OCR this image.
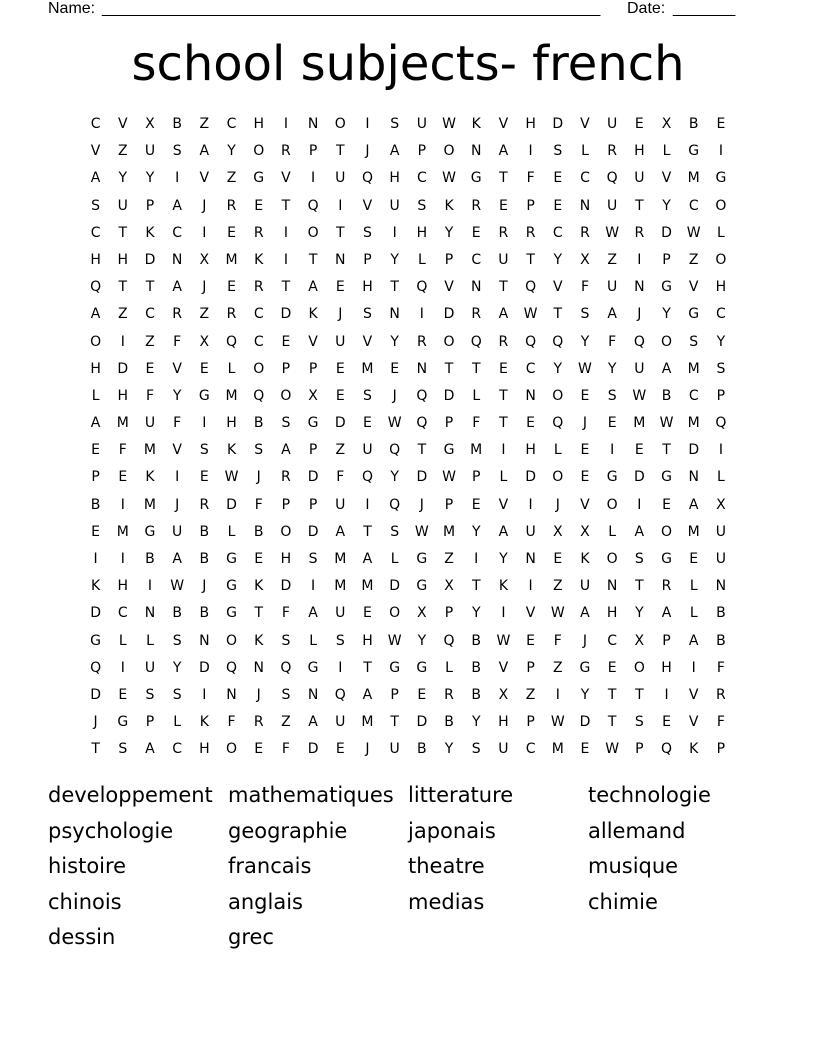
Name: ________________________________________________________ Date: _______
school subjects- french
C	V	X	B	Z	C	H	I	N	O	I	S	U	W	K	V	H	D	V	U	E	X	B	E
V	Z	U	S	A	Y	O	R	P	T	J	A	P	O	N	A	I	S	L	R	H	L	G	I
A	Y	Y	I	V	Z	G	V	I	U	Q	H	C	W	G	T	F	E	C	Q	U	V	M	G
S	U	P	A	J	R	E	T	Q	I	V	U	S	K	R	E	P	E	N	U	T	Y	C	O
C	T	K	C	I	E	R	I	O	T	S	I	H	Y	E	R	R	C	R	W	R	D	W	L
H	H	D	N	X	M	K	I	T	N	P	Y	L	P	C	U	T	Y	X	Z	I	P	Z	O
Q	T	T	A	J	E	R	T	A	E	H	T	Q	V	N	T	Q	V	F	U	N	G	V	H
A	Z	C	R	Z	R	C	D	K	J	S	N	I	D	R	A	W	T	S	A	J	Y	G	C
O	I	Z	F	X	Q	C	E	V	U	V	Y	R	O	Q	R	Q	Q	Y	F	Q	O	S	Y
H	D	E	V	E	L	O	P	P	E	M	E	N	T	T	E	C	Y	W	Y	U	A	M	S
L	H	F	Y	G	M	Q	O	X	E	S	J	Q	D	L	T	N	O	E	S	W	B	C	P
A	M	U	F	I	H	B	S	G	D	E	W	Q	P	F	T	E	Q	J	E	M	W	M	Q
E	F	M	V	S	K	S	A	P	Z	U	Q	T	G	M	I	H	L	E	I	E	T	D	I
P	E	K	I	E	W	J	R	D	F	Q	Y	D	W	P	L	D	O	E	G	D	G	N	L
B	I	M	J	R	D	F	P	P	U	I	Q	J	P	E	V	I	J	V	O	I	E	A	X
E	M	G	U	B	L	B	O	D	A	T	S	W	M	Y	A	U	X	X	L	A	O	M	U
I	I	B	A	B	G	E	H	S	M	A	L	G	Z	I	Y	N	E	K	O	S	G	E	U
K	H	I	W	J	G	K	D	I	M	M	D	G	X	T	K	I	Z	U	N	T	R	L	N
D	C	N	B	B	G	T	F	A	U	E	O	X	P	Y	I	V	W	A	H	Y	A	L	B
G	L	L	S	N	O	K	S	L	S	H	W	Y	Q	B	W	E	F	J	C	X	P	A	B
Q	I	U	Y	D	Q	N	Q	G	I	T	G	G	L	B	V	P	Z	G	E	O	H	I	F
D	E	S	S	I	N	J	S	N	Q	A	P	E	R	B	X	Z	I	Y	T	T	I	V	R
J	G	P	L	K	F	R	Z	A	U	M	T	D	B	Y	H	P	W	D	T	S	E	V	F
T	S	A	C	H	O	E	F	D	E	J	U	B	Y	S	U	C	M	E	W	P	Q	K	P
developpement mathematiques litterature	technologie
psychologie	geographie	japonais	allemand
histoire	francais	theatre	musique
chinois	anglais	medias	chimie
dessin	grec
